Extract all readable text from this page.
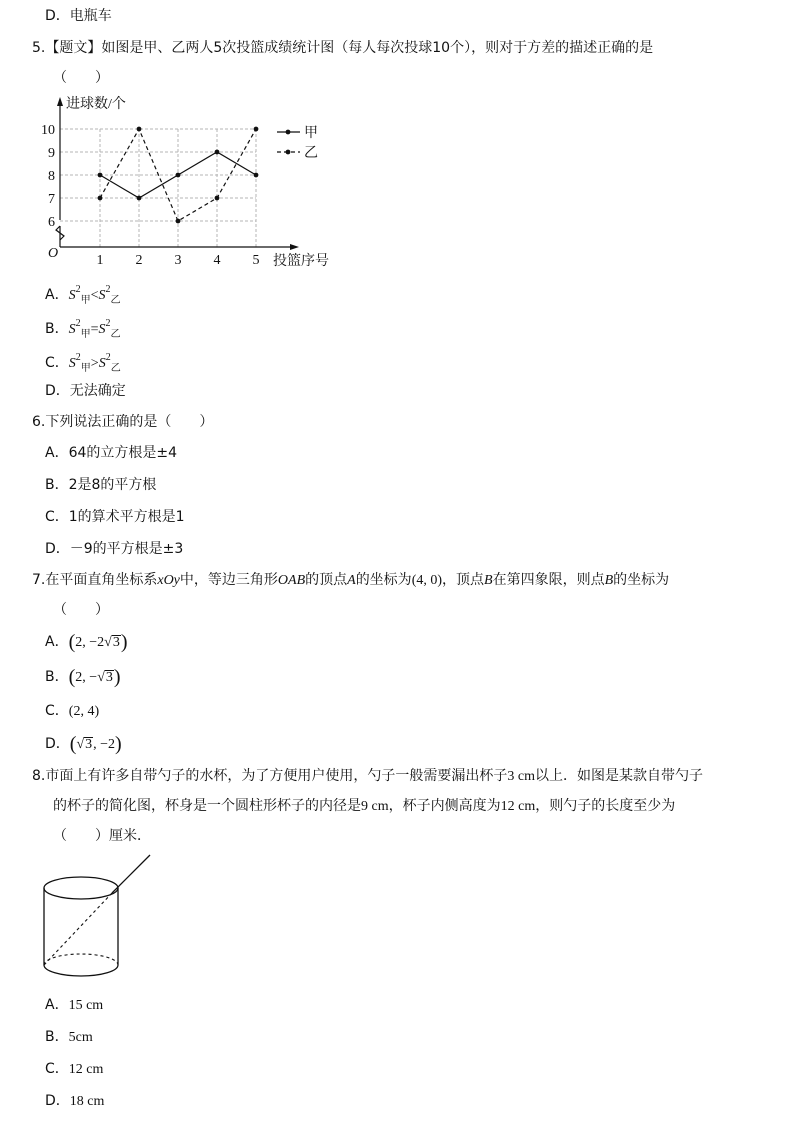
D．电瓶车
5.【题文】如图是甲、乙两人5次投篮成绩统计图（每人每次投球10个），则对于方差的描述正确的是
（　　）
进球数/个
投篮序号
O
6
7
8
9
10
1 2 3 4 5
甲
乙
A．$S^2_甲<S^2_乙$
B．$S^2_甲=S^2_乙$
C．$S^2_甲>S^2_乙$
D．无法确定
6.下列说法正确的是（　　）
A．64的立方根是±4
B．2是8的平方根
C．1的算术平方根是1
D．－9的平方根是±3
7.在平面直角坐标系xOy中，等边三角形OAB的顶点A的坐标为(4, 0)，顶点B在第四象限，则点B的坐标为
（　　）
A．(2, −2√3)
B．(2, −√3)
C．(2, 4)
D．(√3, −2)
8.市面上有许多自带勺子的水杯，为了方便用户使用，勺子一般需要漏出杯子3 cm以上．如图是某款自带勺子
的杯子的简化图，杯身是一个圆柱形杯子的内径是9 cm，杯子内侧高度为12 cm，则勺子的长度至少为
（　　）厘米．
A．15 cm
B．5cm
C．12 cm
D．18 cm
